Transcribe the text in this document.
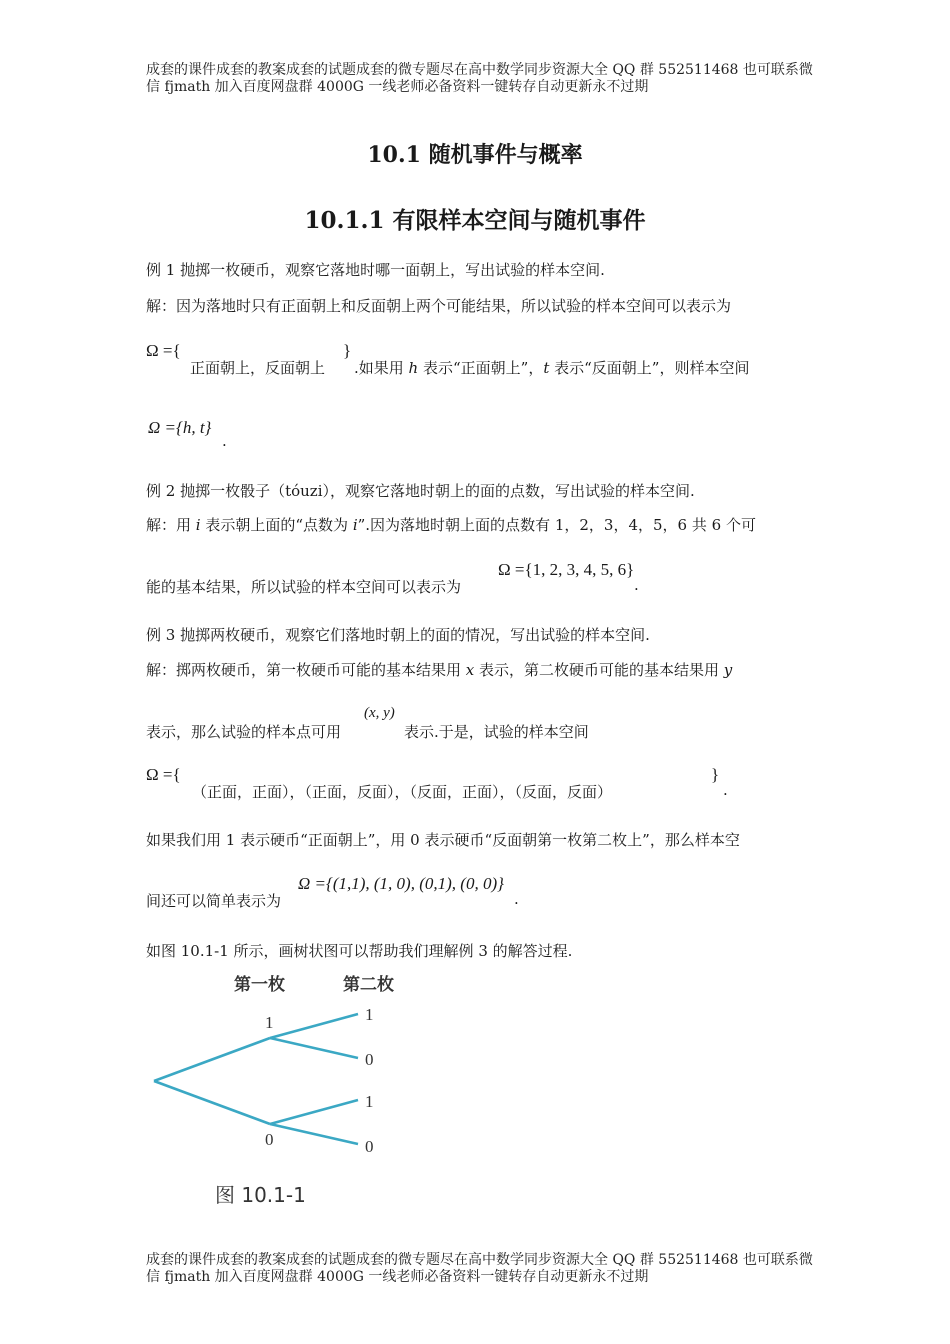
成套的课件成套的教案成套的试题成套的微专题尽在高中数学同步资源大全 QQ 群 552511468 也可联系微
信 fjmath 加入百度网盘群 4000G 一线老师必备资料一键转存自动更新永不过期
10.1 随机事件与概率
10.1.1 有限样本空间与随机事件
例 1 抛掷一枚硬币，观察它落地时哪一面朝上，写出试验的样本空间.
解：因为落地时只有正面朝上和反面朝上两个可能结果，所以试验的样本空间可以表示为
Ω ={
正面朝上，反面朝上
}
.如果用 h 表示“正面朝上”，t 表示“反面朝上”，则样本空间
Ω ={h, t}
.
例 2 抛掷一枚骰子（tóuzi），观察它落地时朝上的面的点数，写出试验的样本空间.
解：用 i 表示朝上面的“点数为 i”.因为落地时朝上面的点数有 1，2，3，4，5，6 共 6 个可
能的基本结果，所以试验的样本空间可以表示为
Ω ={1, 2, 3, 4, 5, 6}
.
例 3 抛掷两枚硬币，观察它们落地时朝上的面的情况，写出试验的样本空间.
解：掷两枚硬币，第一枚硬币可能的基本结果用 x 表示，第二枚硬币可能的基本结果用 y
(x, y)
表示，那么试验的样本点可用	表示.于是，试验的样本空间
Ω ={
（正面，正面），（正面，反面），（反面，正面），（反面，反面）
}
.
如果我们用 1 表示硬币“正面朝上”，用 0 表示硬币“反面朝第一枚第二枚上”，那么样本空
间还可以简单表示为
Ω ={(1,1), (1, 0), (0,1), (0, 0)}
.
如图 10.1-1 所示，画树状图可以帮助我们理解例 3 的解答过程.
第一枚	第二枚
1
0
1
0
1
0
图 10.1-1
成套的课件成套的教案成套的试题成套的微专题尽在高中数学同步资源大全 QQ 群 552511468 也可联系微
信 fjmath 加入百度网盘群 4000G 一线老师必备资料一键转存自动更新永不过期
